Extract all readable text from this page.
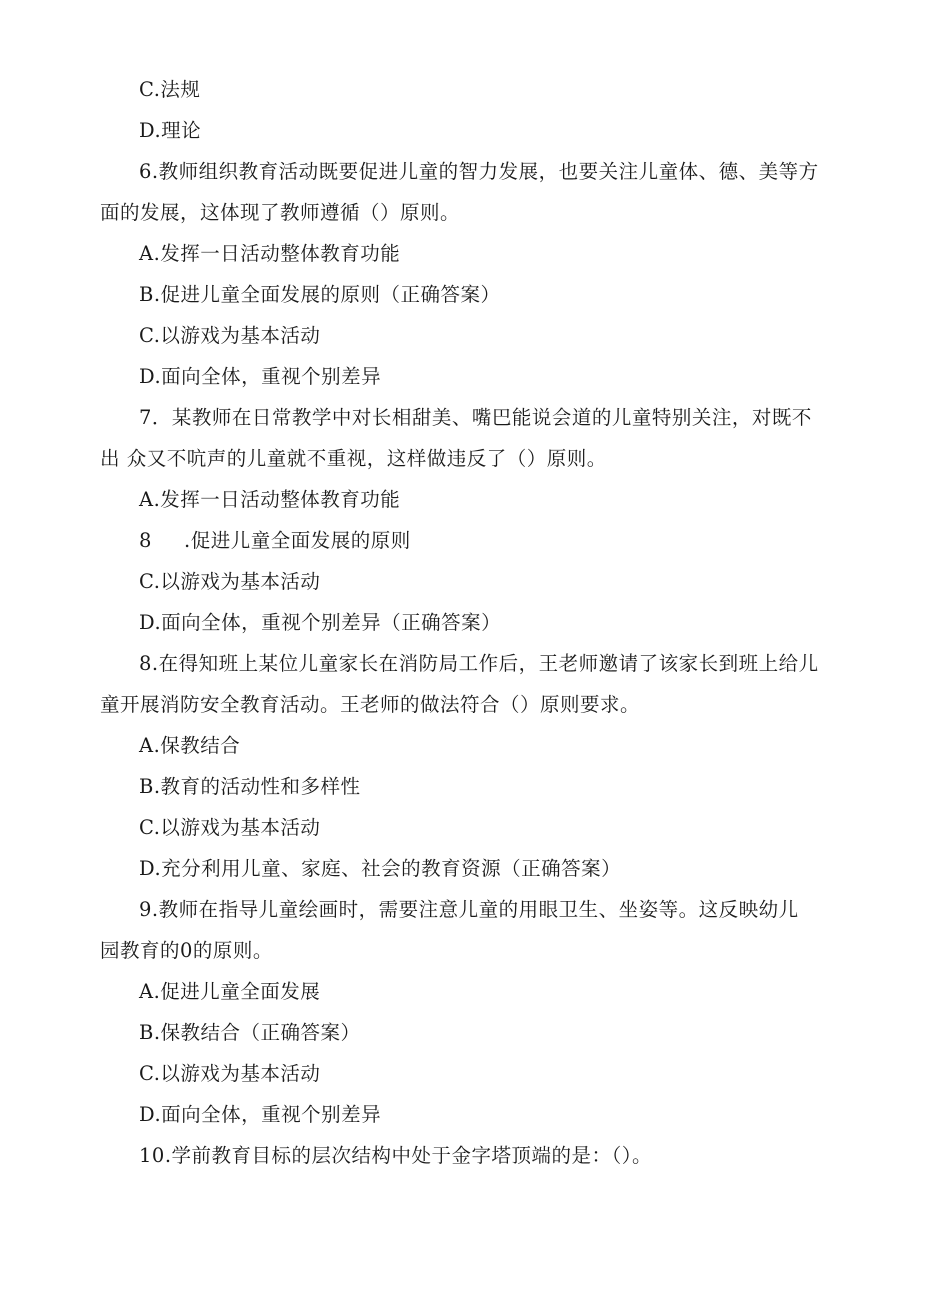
C.法规
D.理论
6.教师组织教育活动既要促进儿童的智力发展，也要关注儿童体、德、美等方
面的发展，这体现了教师遵循（）原则。
A.发挥一日活动整体教育功能
B.促进儿童全面发展的原则（正确答案）
C.以游戏为基本活动
D.面向全体，重视个别差异
7．某教师在日常教学中对长相甜美、嘴巴能说会道的儿童特别关注，对既不
出 众又不吭声的儿童就不重视，这样做违反了（）原则。
A.发挥一日活动整体教育功能
8 .促进儿童全面发展的原则
C.以游戏为基本活动
D.面向全体，重视个别差异（正确答案）
8.在得知班上某位儿童家长在消防局工作后，王老师邀请了该家长到班上给儿
童开展消防安全教育活动。王老师的做法符合（）原则要求。
A.保教结合
B.教育的活动性和多样性
C.以游戏为基本活动
D.充分利用儿童、家庭、社会的教育资源（正确答案）
9.教师在指导儿童绘画时，需要注意儿童的用眼卫生、坐姿等。这反映幼儿
园教育的0的原则。
A.促进儿童全面发展
B.保教结合（正确答案）
C.以游戏为基本活动
D.面向全体，重视个别差异
10.学前教育目标的层次结构中处于金字塔顶端的是：（）。
